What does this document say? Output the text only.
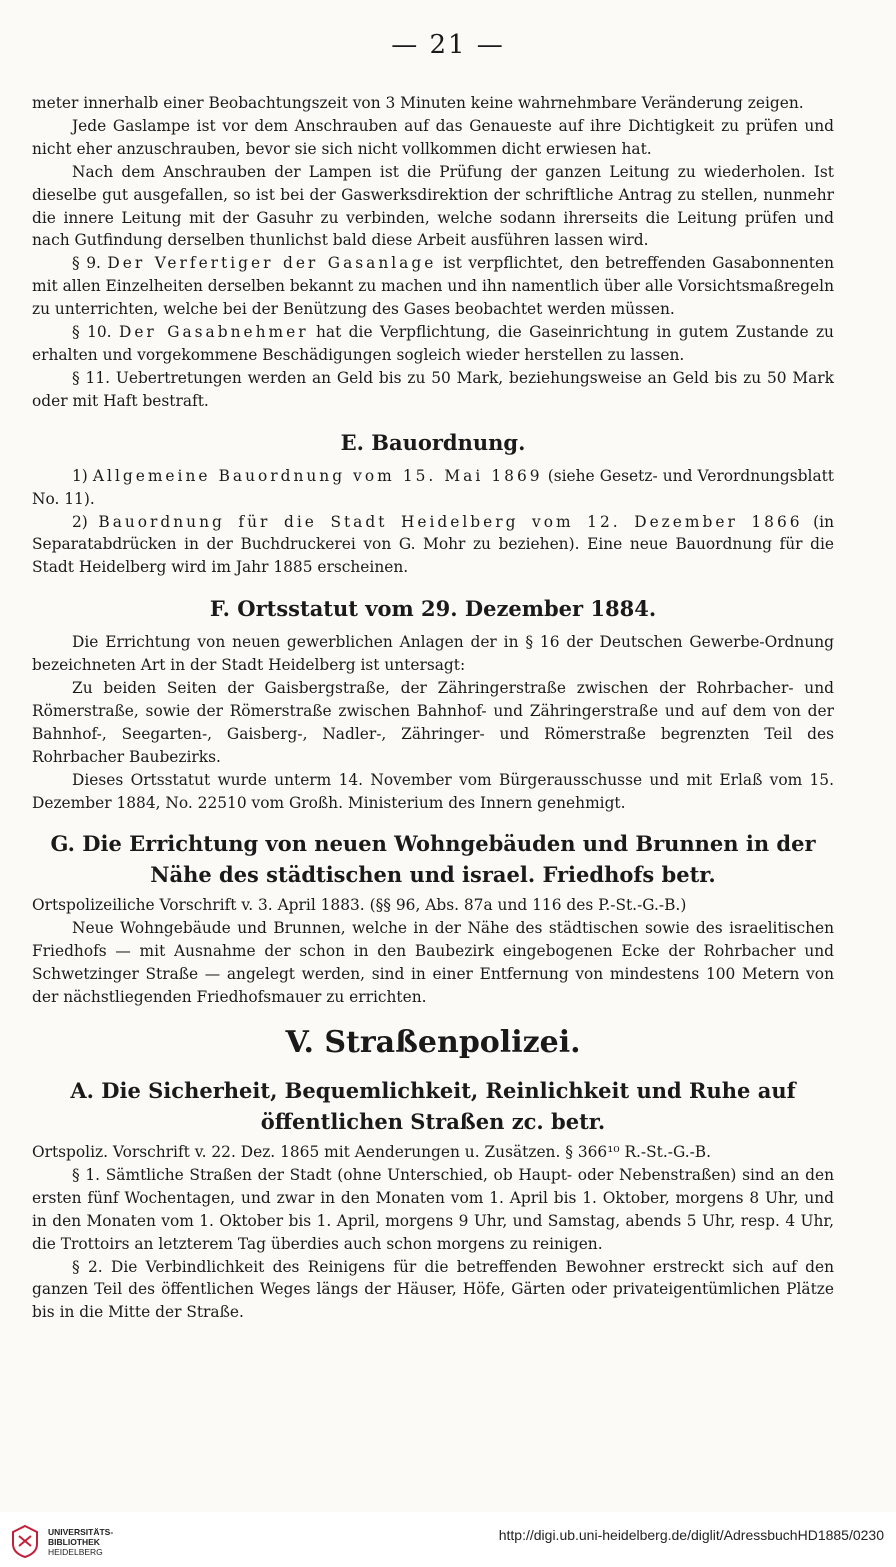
— 21 —

meter innerhalb einer Beobachtungszeit von 3 Minuten keine wahrnehmbare Veränderung zeigen.

Jede Gaslampe ist vor dem Anschrauben auf das Genaueste auf ihre Dichtigkeit zu prüfen und nicht eher anzuschrauben, bevor sie sich nicht vollkommen dicht erwiesen hat.

Nach dem Anschrauben der Lampen ist die Prüfung der ganzen Leitung zu wiederholen. Ist dieselbe gut ausgefallen, so ist bei der Gaswerksdirektion der schriftliche Antrag zu stellen, nunmehr die innere Leitung mit der Gasuhr zu verbinden, welche sodann ihrerseits die Leitung prüfen und nach Gutfindung derselben thunlichst bald diese Arbeit ausführen lassen wird.

§ 9. Der Verfertiger der Gasanlage ist verpflichtet, den betreffenden Gasabonnenten mit allen Einzelheiten derselben bekannt zu machen und ihn namentlich über alle Vorsichtsmaßregeln zu unterrichten, welche bei der Benützung des Gases beobachtet werden müssen.

§ 10. Der Gasabnehmer hat die Verpflichtung, die Gaseinrichtung in gutem Zustande zu erhalten und vorgekommene Beschädigungen sogleich wieder herstellen zu lassen.

§ 11. Uebertretungen werden an Geld bis zu 50 Mark, beziehungsweise an Geld bis zu 50 Mark oder mit Haft bestraft.

E. Bauordnung.

1) Allgemeine Bauordnung vom 15. Mai 1869 (siehe Gesetz- und Verordnungsblatt No. 11).

2) Bauordnung für die Stadt Heidelberg vom 12. Dezember 1866 (in Separatabdrücken in der Buchdruckerei von G. Mohr zu beziehen). Eine neue Bauordnung für die Stadt Heidelberg wird im Jahr 1885 erscheinen.

F. Ortsstatut vom 29. Dezember 1884.

Die Errichtung von neuen gewerblichen Anlagen der in § 16 der Deutschen Gewerbe-Ordnung bezeichneten Art in der Stadt Heidelberg ist untersagt:

Zu beiden Seiten der Gaisbergstraße, der Zähringerstraße zwischen der Rohrbacher- und Römerstraße, sowie der Römerstraße zwischen Bahnhof- und Zähringerstraße und auf dem von der Bahnhof-, Seegarten-, Gaisberg-, Nadler-, Zähringer- und Römerstraße begrenzten Teil des Rohrbacher Baubezirks.

Dieses Ortsstatut wurde unterm 14. November vom Bürgerausschusse und mit Erlaß vom 15. Dezember 1884, No. 22510 vom Großh. Ministerium des Innern genehmigt.

G. Die Errichtung von neuen Wohngebäuden und Brunnen in der Nähe des städtischen und israel. Friedhofs betr.

Ortspolizeiliche Vorschrift v. 3. April 1883. (§§ 96, Abs. 87a und 116 des P.-St.-G.-B.)

Neue Wohngebäude und Brunnen, welche in der Nähe des städtischen sowie des israelitischen Friedhofs — mit Ausnahme der schon in den Baubezirk eingebogenen Ecke der Rohrbacher und Schwetzinger Straße — angelegt werden, sind in einer Entfernung von mindestens 100 Metern von der nächstliegenden Friedhofsmauer zu errichten.

V. Straßenpolizei.
A. Die Sicherheit, Bequemlichkeit, Reinlichkeit und Ruhe auf öffentlichen Straßen zc. betr.

Ortspoliz. Vorschrift v. 22. Dez. 1865 mit Aenderungen u. Zusätzen. § 366¹⁰ R.-St.-G.-B.

§ 1. Sämtliche Straßen der Stadt (ohne Unterschied, ob Haupt- oder Nebenstraßen) sind an den ersten fünf Wochentagen, und zwar in den Monaten vom 1. April bis 1. Oktober, morgens 8 Uhr, und in den Monaten vom 1. Oktober bis 1. April, morgens 9 Uhr, und Samstag, abends 5 Uhr, resp. 4 Uhr, die Trottoirs an letzterem Tag überdies auch schon morgens zu reinigen.

§ 2. Die Verbindlichkeit des Reinigens für die betreffenden Bewohner erstreckt sich auf den ganzen Teil des öffentlichen Weges längs der Häuser, Höfe, Gärten oder privateigentümlichen Plätze bis in die Mitte der Straße.

UNIVERSITÄTS-
BIBLIOTHEK
HEIDELBERG
http://digi.ub.uni-heidelberg.de/diglit/AdressbuchHD1885/0230
